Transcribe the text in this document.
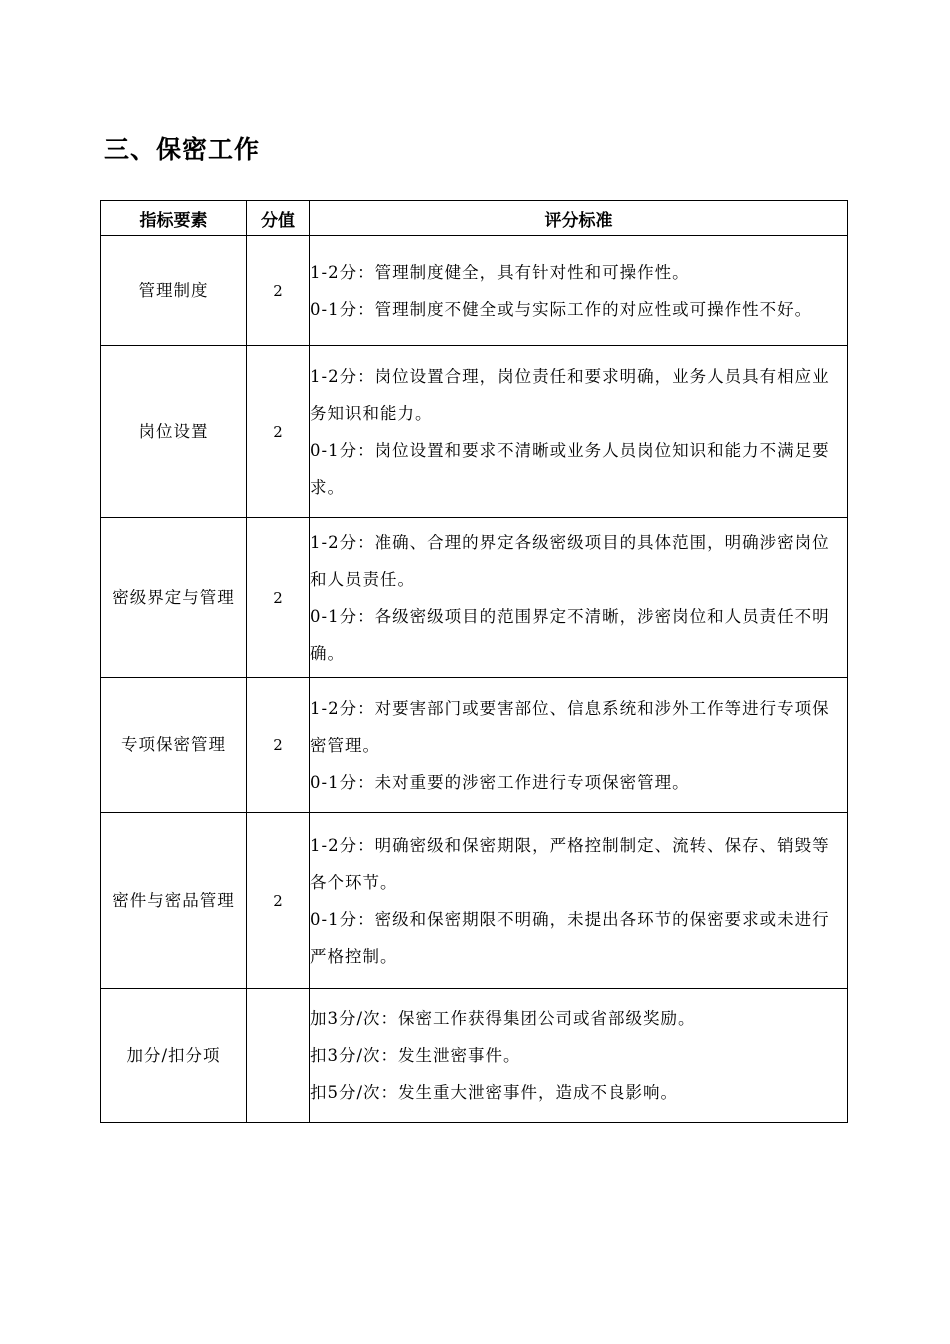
三、保密工作
指标要素	分值	评分标准
管理制度	2	1-2分：管理制度健全，具有针对性和可操作性。
0-1分：管理制度不健全或与实际工作的对应性或可操作性不好。

岗位设置	2	1-2分：岗位设置合理，岗位责任和要求明确，业务人员具有相应业务知识和能力。
0-1分：岗位设置和要求不清晰或业务人员岗位知识和能力不满足要求。

密级界定与管理	2	1-2分：准确、合理的界定各级密级项目的具体范围，明确涉密岗位和人员责任。
0-1分：各级密级项目的范围界定不清晰，涉密岗位和人员责任不明确。

专项保密管理	2	1-2分：对要害部门或要害部位、信息系统和涉外工作等进行专项保密管理。
0-1分：未对重要的涉密工作进行专项保密管理。

密件与密品管理	2	1-2分：明确密级和保密期限，严格控制制定、流转、保存、销毁等各个环节。
0-1分：密级和保密期限不明确，未提出各环节的保密要求或未进行严格控制。

加分/扣分项		加3分/次：保密工作获得集团公司或省部级奖励。
扣3分/次：发生泄密事件。
扣5分/次：发生重大泄密事件，造成不良影响。
